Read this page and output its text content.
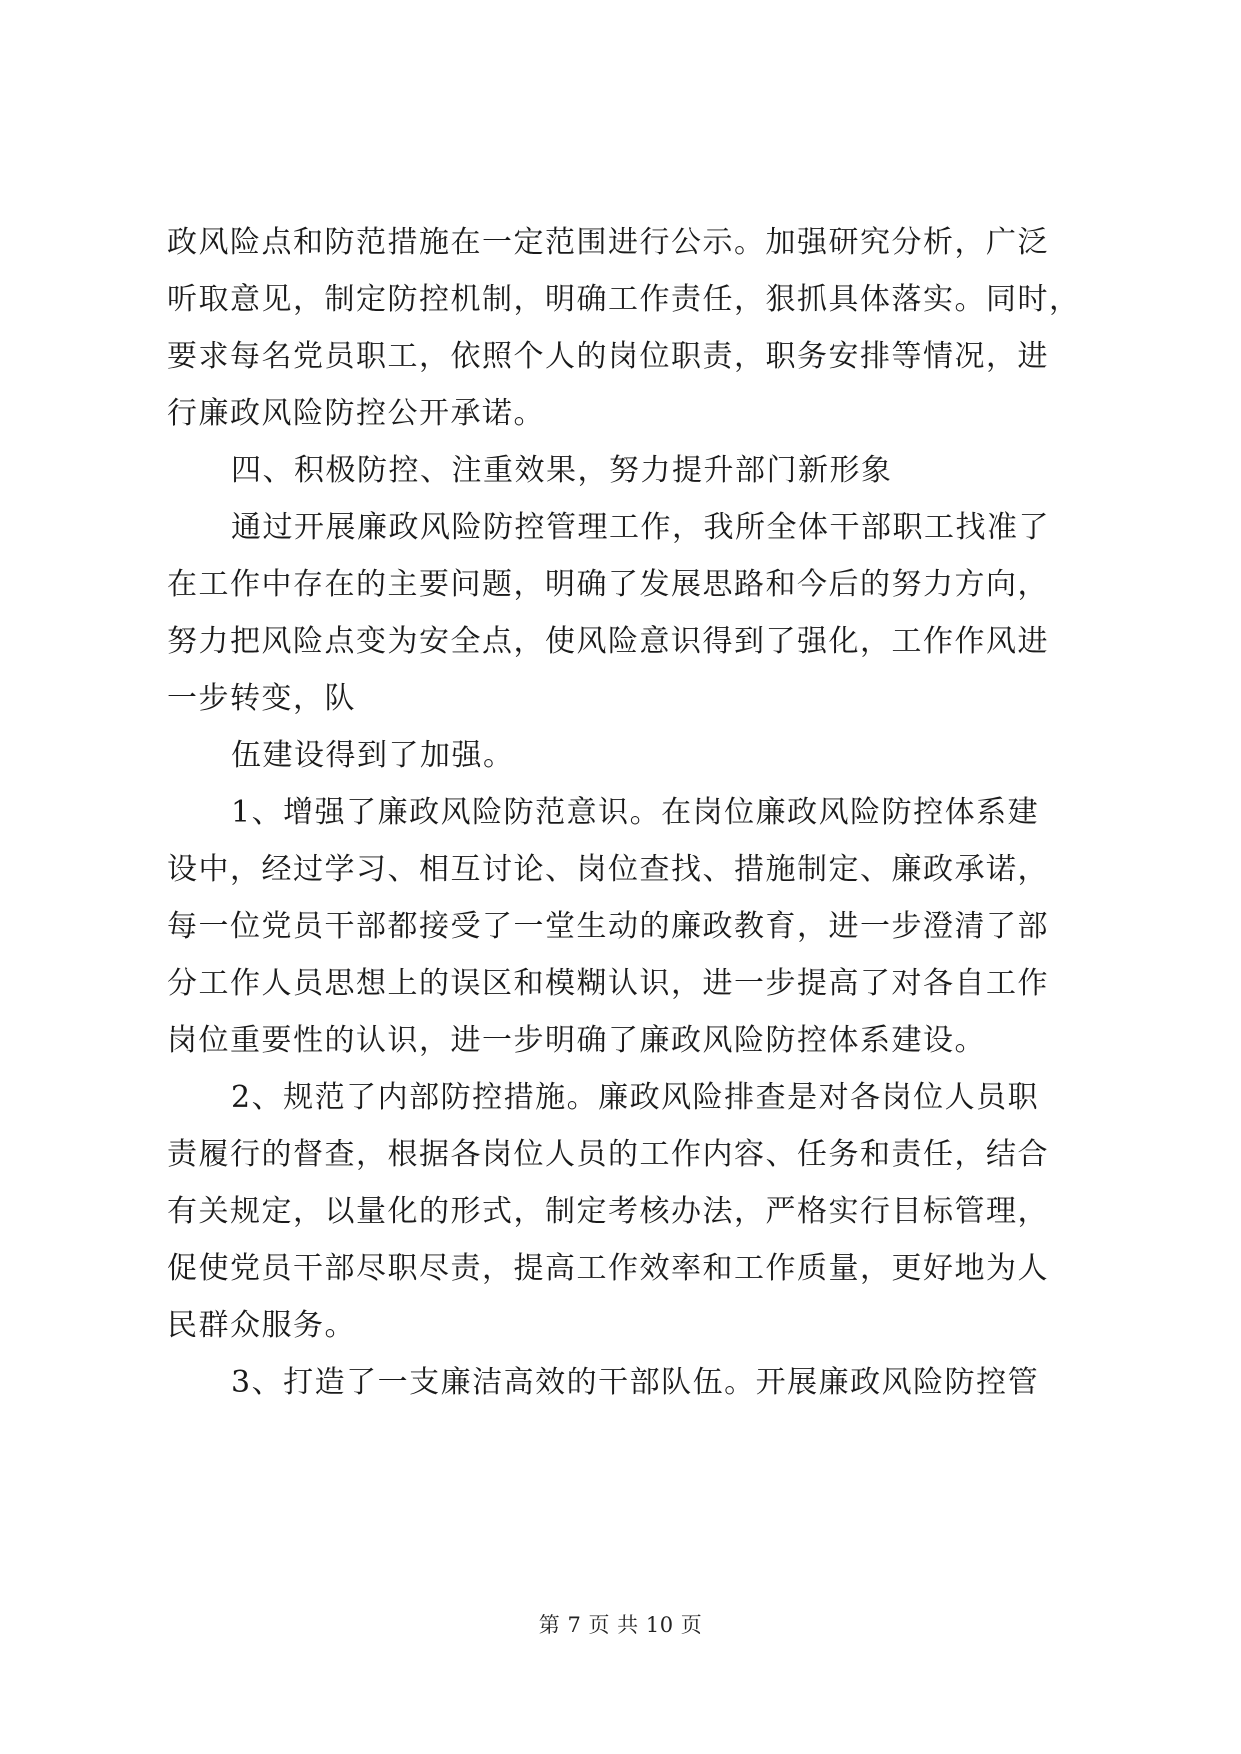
政风险点和防范措施在一定范围进行公示。加强研究分析，广泛
听取意见，制定防控机制，明确工作责任，狠抓具体落实。同时，
要求每名党员职工，依照个人的岗位职责，职务安排等情况，进
行廉政风险防控公开承诺。
四、积极防控、注重效果，努力提升部门新形象
通过开展廉政风险防控管理工作，我所全体干部职工找准了
在工作中存在的主要问题，明确了发展思路和今后的努力方向，
努力把风险点变为安全点，使风险意识得到了强化，工作作风进
一步转变，队
伍建设得到了加强。
1、增强了廉政风险防范意识。在岗位廉政风险防控体系建
设中，经过学习、相互讨论、岗位查找、措施制定、廉政承诺，
每一位党员干部都接受了一堂生动的廉政教育，进一步澄清了部
分工作人员思想上的误区和模糊认识，进一步提高了对各自工作
岗位重要性的认识，进一步明确了廉政风险防控体系建设。
2、规范了内部防控措施。廉政风险排查是对各岗位人员职
责履行的督查，根据各岗位人员的工作内容、任务和责任，结合
有关规定，以量化的形式，制定考核办法，严格实行目标管理，
促使党员干部尽职尽责，提高工作效率和工作质量，更好地为人
民群众服务。
3、打造了一支廉洁高效的干部队伍。开展廉政风险防控管
第 7 页 共 10 页
